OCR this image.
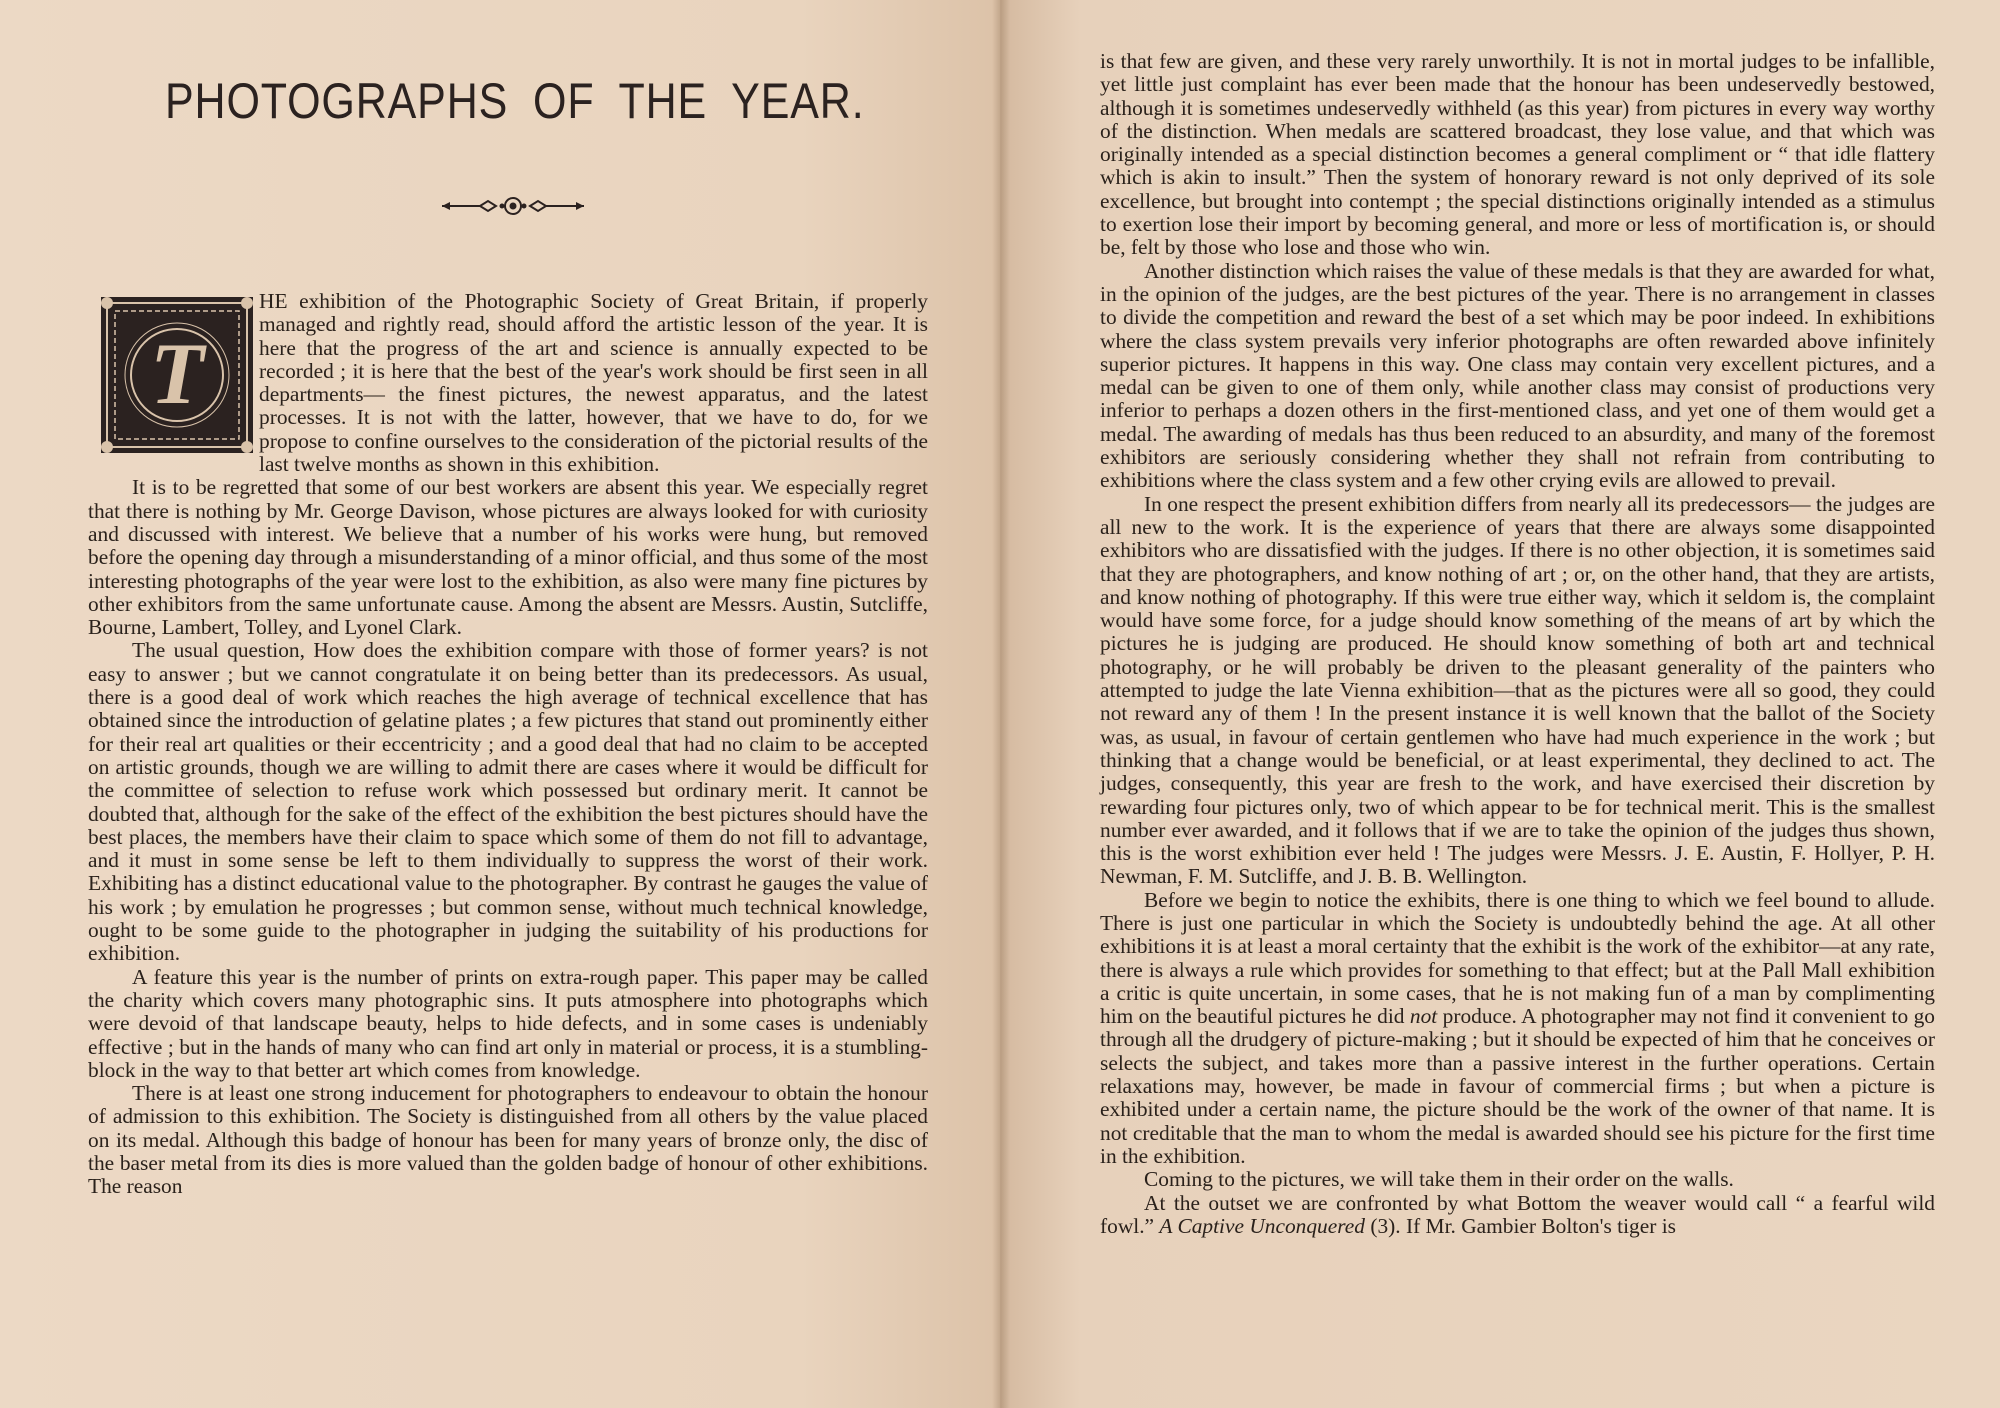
PHOTOGRAPHS OF THE YEAR.
T

HE exhibition of the Photographic Society of Great Britain, if properly managed and rightly read, should afford the artistic lesson of the year. It is here that the progress of the art and science is annually expected to be recorded ; it is here that the best of the year's work should be first seen in all departments— the finest pictures, the newest apparatus, and the latest processes. It is not with the latter, however, that we have to do, for we propose to confine ourselves to the consideration of the pictorial results of the last twelve months as shown in this exhibition.

It is to be regretted that some of our best workers are absent this year. We especially regret that there is nothing by Mr. George Davison, whose pictures are always looked for with curiosity and discussed with interest. We believe that a number of his works were hung, but removed before the opening day through a misunderstanding of a minor official, and thus some of the most interesting photographs of the year were lost to the exhibition, as also were many fine pictures by other exhibitors from the same unfortunate cause. Among the absent are Messrs. Austin, Sutcliffe, Bourne, Lambert, Tolley, and Lyonel Clark.

The usual question, How does the exhibition compare with those of former years? is not easy to answer ; but we cannot congratulate it on being better than its predecessors. As usual, there is a good deal of work which reaches the high average of technical excellence that has obtained since the introduction of gelatine plates ; a few pictures that stand out prominently either for their real art qualities or their eccentricity ; and a good deal that had no claim to be accepted on artistic grounds, though we are willing to admit there are cases where it would be difficult for the committee of selection to refuse work which possessed but ordinary merit. It cannot be doubted that, although for the sake of the effect of the exhibition the best pictures should have the best places, the members have their claim to space which some of them do not fill to advantage, and it must in some sense be left to them individually to suppress the worst of their work. Exhibiting has a distinct educational value to the photographer. By contrast he gauges the value of his work ; by emulation he progresses ; but common sense, without much technical knowledge, ought to be some guide to the photographer in judging the suitability of his productions for exhibition.

A feature this year is the number of prints on extra-rough paper. This paper may be called the charity which covers many photographic sins. It puts atmosphere into photographs which were devoid of that landscape beauty, helps to hide defects, and in some cases is undeniably effective ; but in the hands of many who can find art only in material or process, it is a stumbling-block in the way to that better art which comes from knowledge.

There is at least one strong inducement for photographers to endeavour to obtain the honour of admission to this exhibition. The Society is distinguished from all others by the value placed on its medal. Although this badge of honour has been for many years of bronze only, the disc of the baser metal from its dies is more valued than the golden badge of honour of other exhibitions. The reason

is that few are given, and these very rarely unworthily. It is not in mortal judges to be infallible, yet little just complaint has ever been made that the honour has been undeservedly bestowed, although it is sometimes undeservedly withheld (as this year) from pictures in every way worthy of the distinction. When medals are scattered broadcast, they lose value, and that which was originally intended as a special distinction becomes a general compliment or “ that idle flattery which is akin to insult.” Then the system of honorary reward is not only deprived of its sole excellence, but brought into contempt ; the special distinctions originally intended as a stimulus to exertion lose their import by becoming general, and more or less of mortification is, or should be, felt by those who lose and those who win.

Another distinction which raises the value of these medals is that they are awarded for what, in the opinion of the judges, are the best pictures of the year. There is no arrangement in classes to divide the competition and reward the best of a set which may be poor indeed. In exhibitions where the class system prevails very inferior photographs are often rewarded above infinitely superior pictures. It happens in this way. One class may contain very excellent pictures, and a medal can be given to one of them only, while another class may consist of productions very inferior to perhaps a dozen others in the first-mentioned class, and yet one of them would get a medal. The awarding of medals has thus been reduced to an absurdity, and many of the foremost exhibitors are seriously considering whether they shall not refrain from contributing to exhibitions where the class system and a few other crying evils are allowed to prevail.

In one respect the present exhibition differs from nearly all its predecessors— the judges are all new to the work. It is the experience of years that there are always some disappointed exhibitors who are dissatisfied with the judges. If there is no other objection, it is sometimes said that they are photographers, and know nothing of art ; or, on the other hand, that they are artists, and know nothing of photography. If this were true either way, which it seldom is, the complaint would have some force, for a judge should know something of the means of art by which the pictures he is judging are produced. He should know something of both art and technical photography, or he will probably be driven to the pleasant generality of the painters who attempted to judge the late Vienna exhibition—that as the pictures were all so good, they could not reward any of them ! In the present instance it is well known that the ballot of the Society was, as usual, in favour of certain gentlemen who have had much experience in the work ; but thinking that a change would be beneficial, or at least experimental, they declined to act. The judges, consequently, this year are fresh to the work, and have exercised their discretion by rewarding four pictures only, two of which appear to be for technical merit. This is the smallest number ever awarded, and it follows that if we are to take the opinion of the judges thus shown, this is the worst exhibition ever held ! The judges were Messrs. J. E. Austin, F. Hollyer, P. H. Newman, F. M. Sutcliffe, and J. B. B. Wellington.

Before we begin to notice the exhibits, there is one thing to which we feel bound to allude. There is just one particular in which the Society is undoubtedly behind the age. At all other exhibitions it is at least a moral certainty that the exhibit is the work of the exhibitor—at any rate, there is always a rule which provides for something to that effect; but at the Pall Mall exhibition a critic is quite uncertain, in some cases, that he is not making fun of a man by complimenting him on the beautiful pictures he did not produce. A photographer may not find it convenient to go through all the drudgery of picture-making ; but it should be expected of him that he conceives or selects the subject, and takes more than a passive interest in the further operations. Certain relaxations may, however, be made in favour of commercial firms ; but when a picture is exhibited under a certain name, the picture should be the work of the owner of that name. It is not creditable that the man to whom the medal is awarded should see his picture for the first time in the exhibition.

Coming to the pictures, we will take them in their order on the walls.

At the outset we are confronted by what Bottom the weaver would call “ a fearful wild fowl.” A Captive Unconquered (3). If Mr. Gambier Bolton's tiger is
